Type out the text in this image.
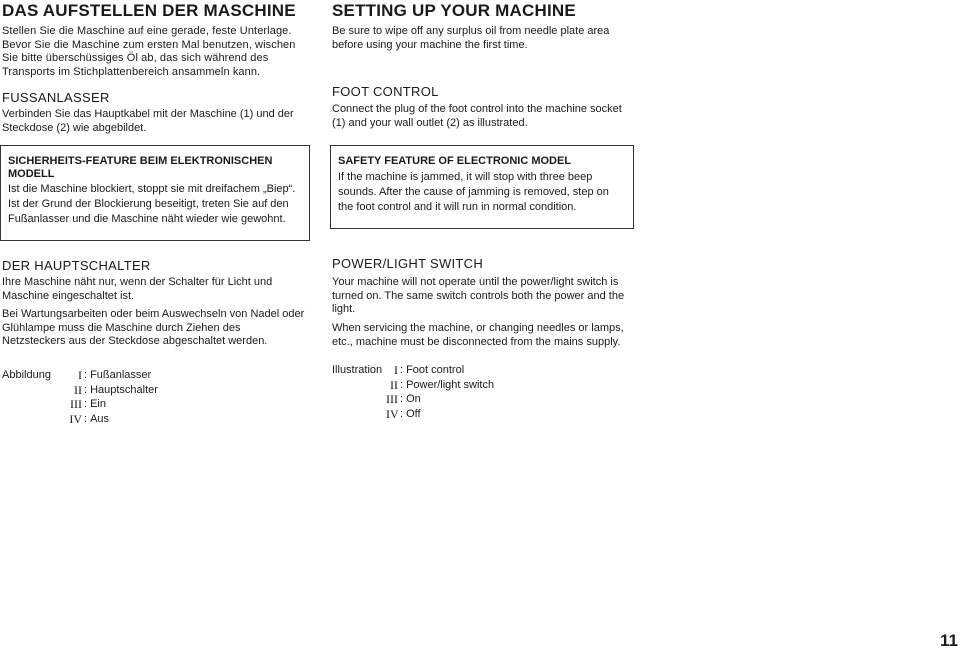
DAS AUFSTELLEN DER MASCHINE

Stellen Sie die Maschine auf eine gerade, feste Unterlage. Bevor Sie die Maschine zum ersten Mal benutzen, wischen Sie bitte überschüssiges Öl ab, das sich während des Transports im Stichplattenbereich ansammeln kann.

FUSSANLASSER

Verbinden Sie das Hauptkabel mit der Maschine (1) und der Steckdose (2) wie abgebildet.

SICHERHEITS-FEATURE BEIM ELEKTRONISCHEN MODELL

Ist die Maschine blockiert, stoppt sie mit dreifachem „Biep“. Ist der Grund der Blockierung beseitigt, treten Sie auf den Fußanlasser und die Maschine näht wieder wie gewohnt.

DER HAUPTSCHALTER

Ihre Maschine näht nur, wenn der Schalter für Licht und Maschine eingeschaltet ist.

Bei Wartungsarbeiten oder beim Auswechseln von Nadel oder Glühlampe muss die Maschine durch Ziehen des Netzsteckers aus der Steckdose abgeschaltet werden.

Abbildung	I : Fußanlasser
II : Hauptschalter
III : Ein
IV : Aus
SETTING UP YOUR MACHINE

Be sure to wipe off any surplus oil from needle plate area before using your machine the first time.

FOOT CONTROL

Connect the plug of the foot control into the machine socket (1) and your wall outlet (2) as illustrated.

SAFETY FEATURE OF ELECTRONIC MODEL

If the machine is jammed, it will stop with three beep sounds. After the cause of jamming is removed, step on the foot control and it will run in normal condition.

POWER/LIGHT SWITCH

Your machine will not operate until the power/light switch is turned on. The same switch controls both the power and the light.

When servicing the machine, or changing needles or lamps, etc., machine must be disconnected from the mains supply.

Illustration I : Foot control
II : Power/light switch
III : On
IV : Off
11
